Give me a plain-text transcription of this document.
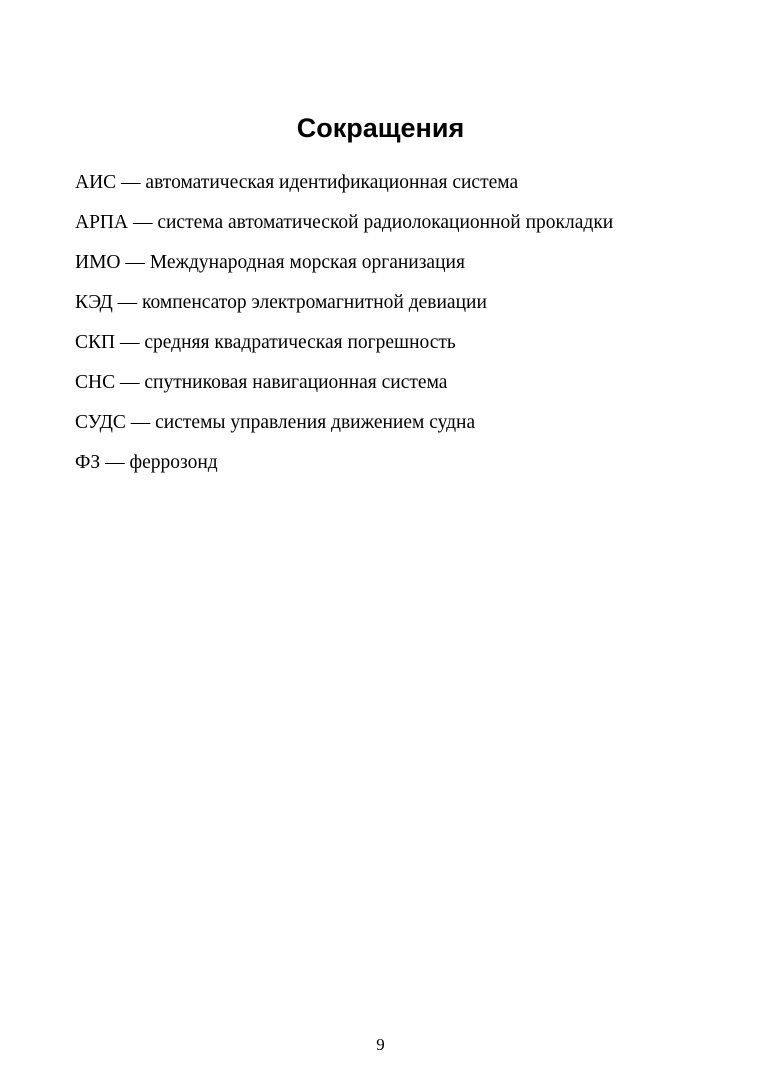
Сокращения
АИС — автоматическая идентификационная система
АРПА — система автоматической радиолокационной прокладки
ИМО — Международная морская организация
КЭД — компенсатор электромагнитной девиации
СКП — средняя квадратическая погрешность
СНС — спутниковая навигационная система
СУДС — системы управления движением судна
ФЗ — феррозонд
9
